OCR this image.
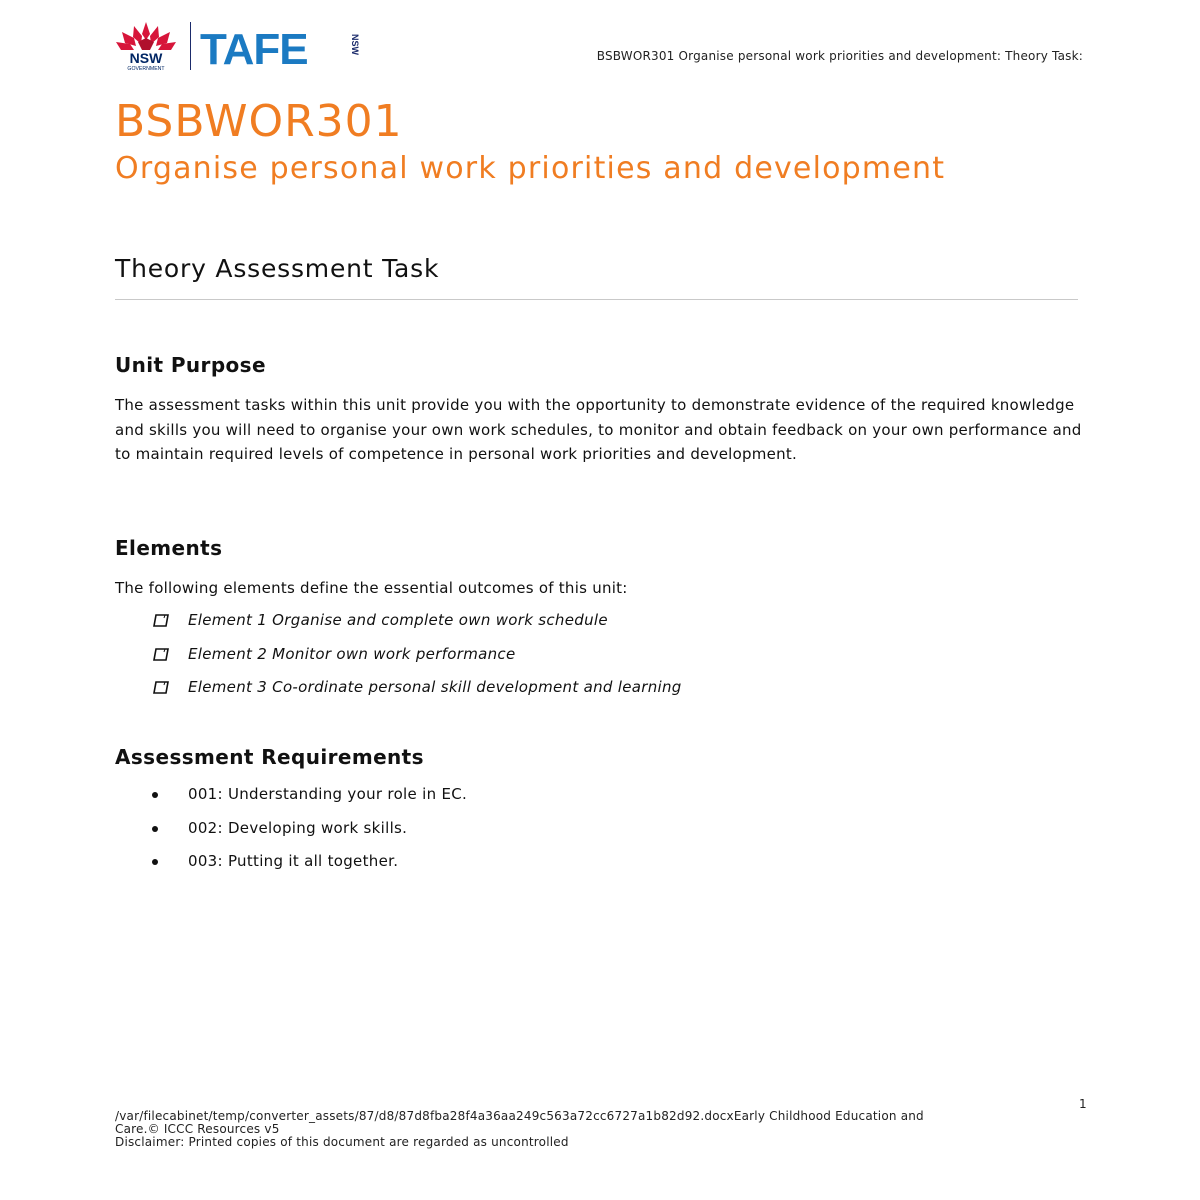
NSW
GOVERNMENT TAFE	NSW
BSBWOR301 Organise personal work priorities and development: Theory Task:
BSBWOR301
Organise personal work priorities and development
Theory Assessment Task
Unit Purpose
The assessment tasks within this unit provide you with the opportunity to demonstrate evidence of the required knowledge and skills you will need to organise your own work schedules, to monitor and obtain feedback on your own performance and to maintain required levels of competence in personal work priorities and development.
Elements
The following elements define the essential outcomes of this unit:
Element 1 Organise and complete own work schedule
Element 2 Monitor own work performance
Element 3 Co-ordinate personal skill development and learning
Assessment Requirements
001: Understanding your role in EC.
002: Developing work skills.
003: Putting it all together.
1
/var/filecabinet/temp/converter_assets/87/d8/87d8fba28f4a36aa249c563a72cc6727a1b82d92.docxEarly Childhood Education and
Care.© ICCC Resources v5
Disclaimer: Printed copies of this document are regarded as uncontrolled
